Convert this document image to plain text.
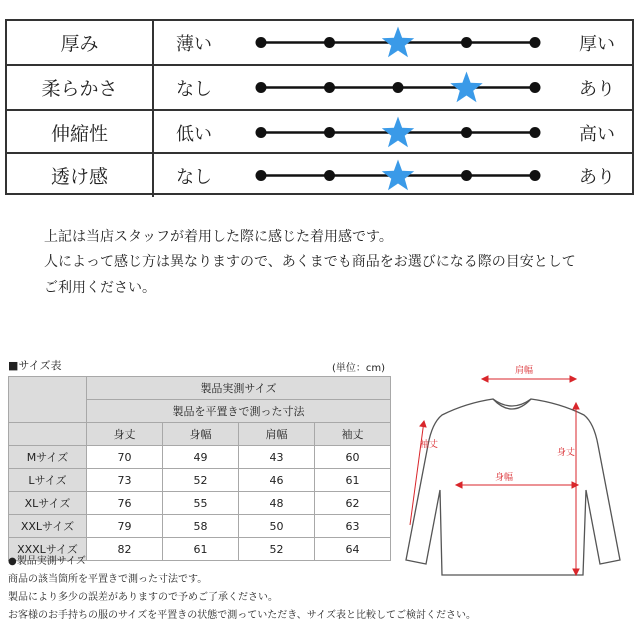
厚み	薄い	厚い
柔らかさ	なし	あり
伸縮性	低い	高い
透け感	なし	あり
上記は当店スタッフが着用した際に感じた着用感です。
人によって感じ方は異なりますので、あくまでも商品をお選びになる際の目安として
ご利用ください。
■サイズ表	(単位：cm)
	製品実測サイズ			
	製品を平置きで測った寸法			
	身丈	身幅	肩幅	袖丈
Mサイズ	70	49	43	60
Lサイズ	73	52	46	61
XLサイズ	76	55	48	62
XXLサイズ	79	58	50	63
XXXLサイズ	82	61	52	64
●製品実測サイズ
商品の該当箇所を平置きで測った寸法です。
製品により多少の誤差がありますので予めご了承ください。
お客様のお手持ちの服のサイズを平置きの状態で測っていただき、サイズ表と比較してご検討ください。
肩幅
身丈
身幅
袖丈
